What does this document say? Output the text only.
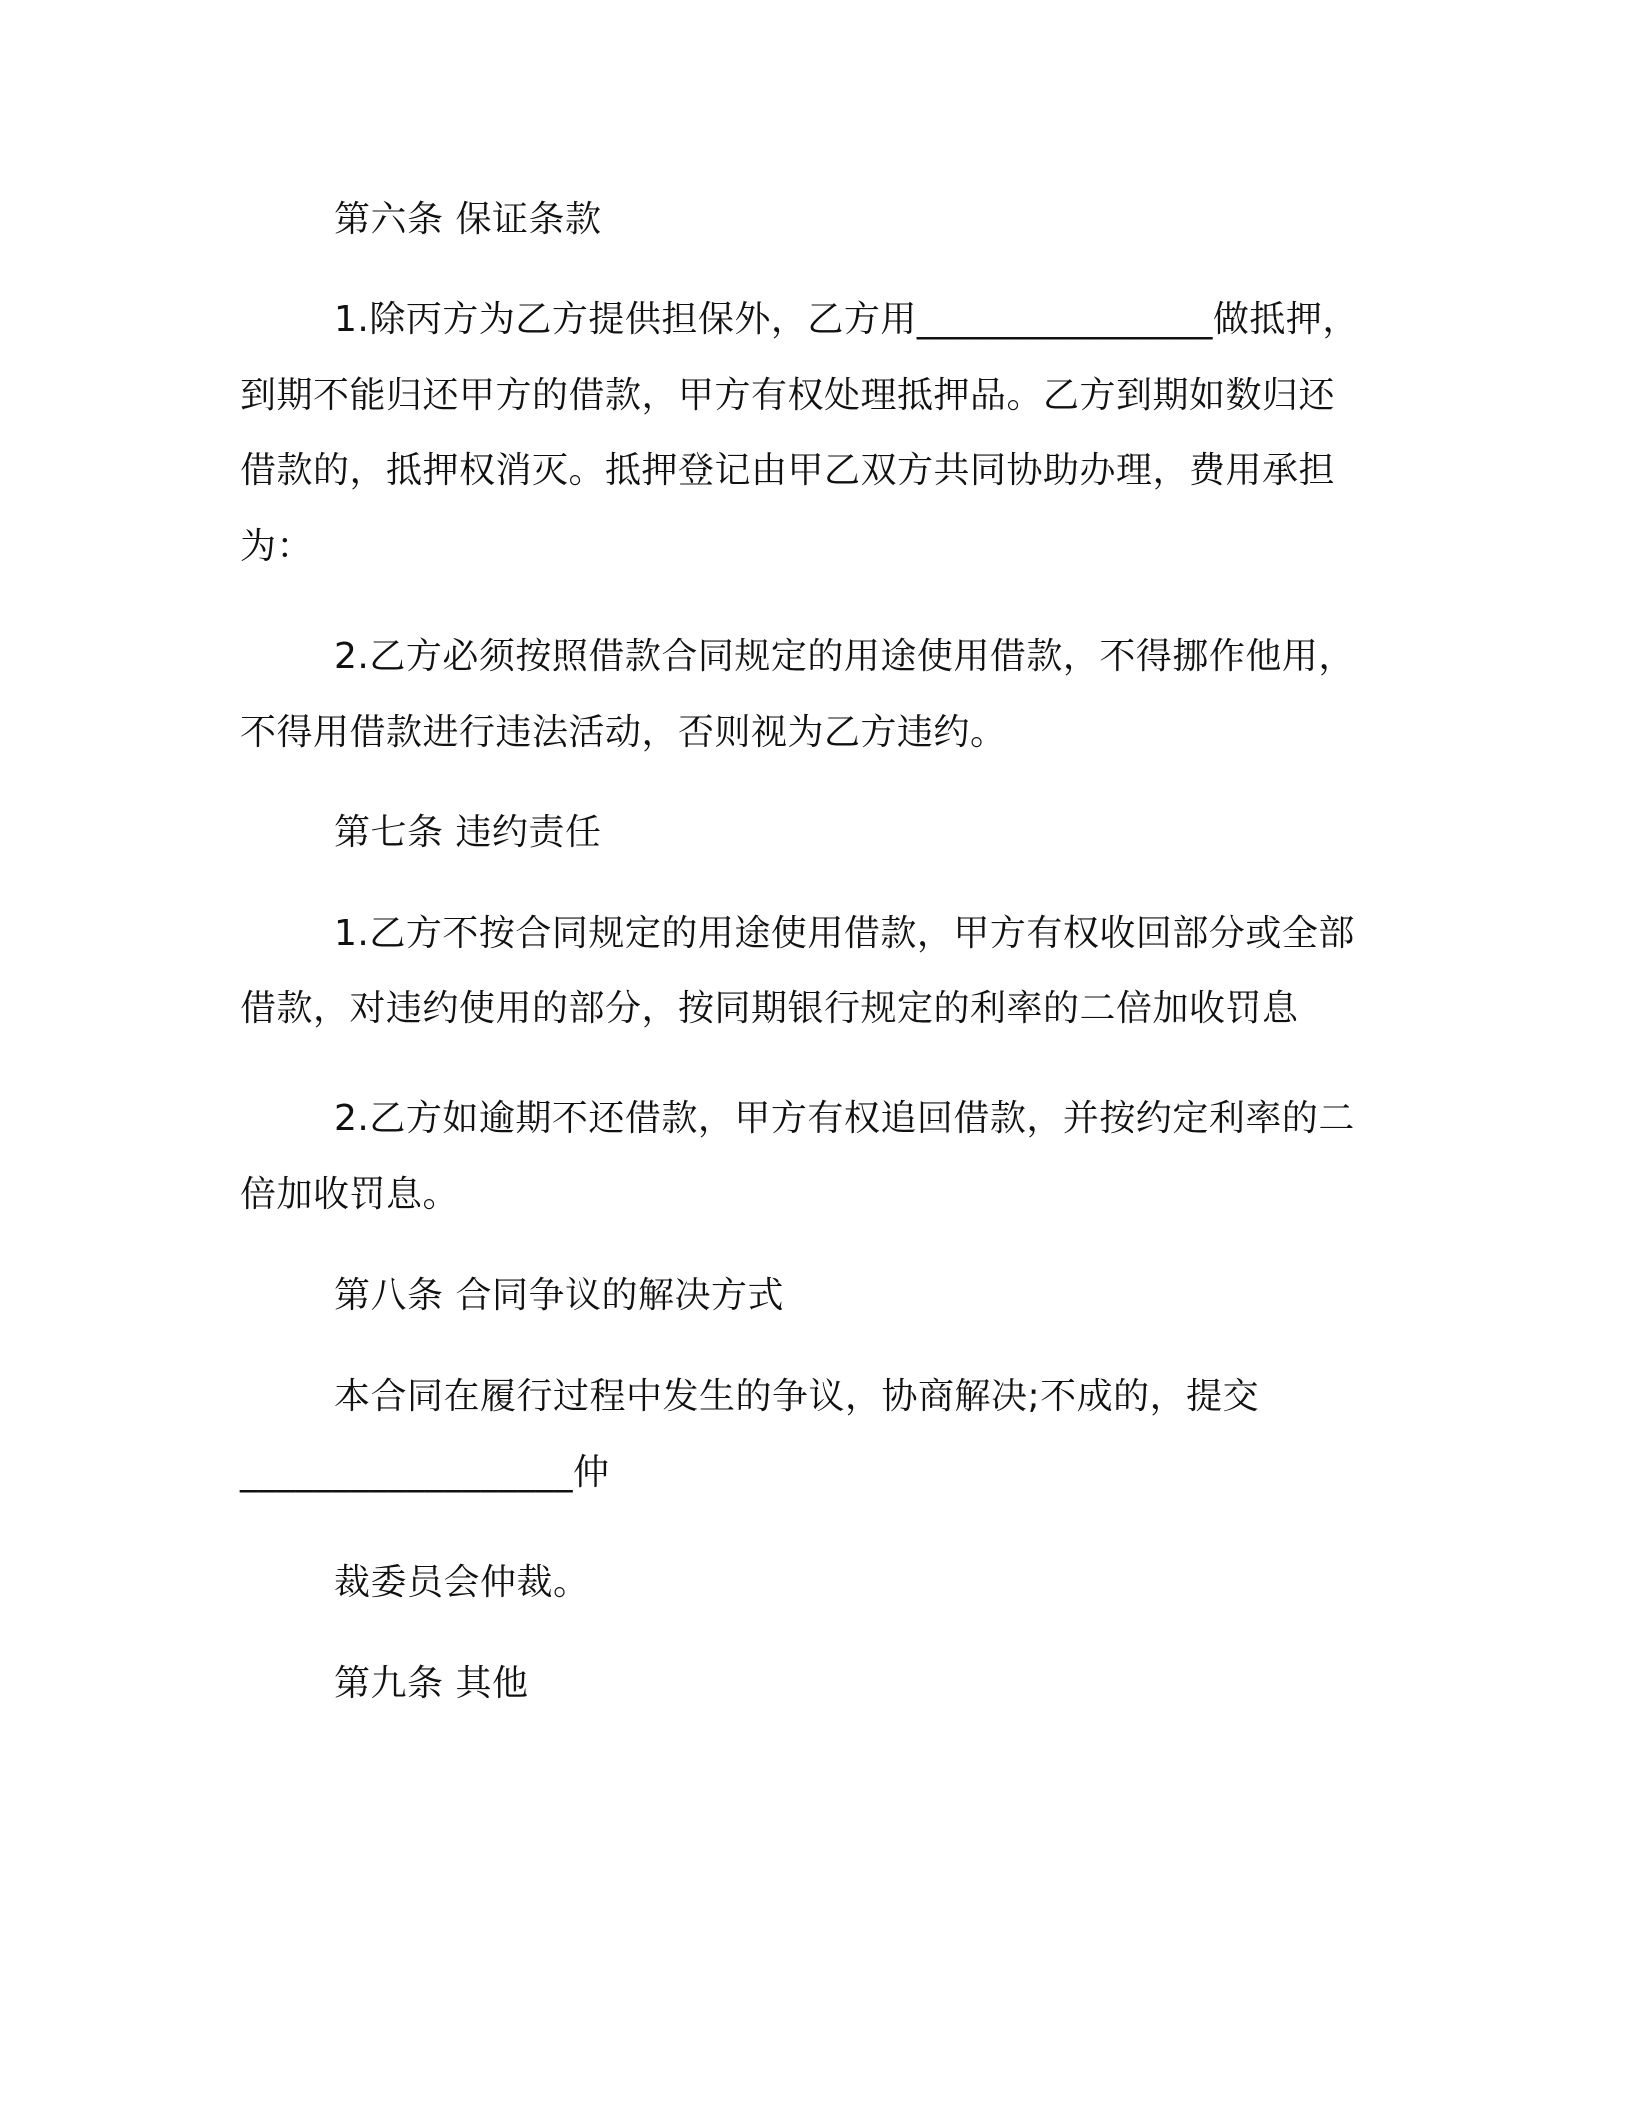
第六条 保证条款
1.除丙方为乙方提供担保外，乙方用________________做抵押，
到期不能归还甲方的借款，甲方有权处理抵押品。乙方到期如数归还
借款的，抵押权消灭。抵押登记由甲乙双方共同协助办理，费用承担
为：
2.乙方必须按照借款合同规定的用途使用借款，不得挪作他用，
不得用借款进行违法活动，否则视为乙方违约。
第七条 违约责任
1.乙方不按合同规定的用途使用借款，甲方有权收回部分或全部
借款，对违约使用的部分，按同期银行规定的利率的二倍加收罚息
2.乙方如逾期不还借款，甲方有权追回借款，并按约定利率的二
倍加收罚息。
第八条 合同争议的解决方式
本合同在履行过程中发生的争议，协商解决;不成的，提交
__________________仲
裁委员会仲裁。
第九条 其他
